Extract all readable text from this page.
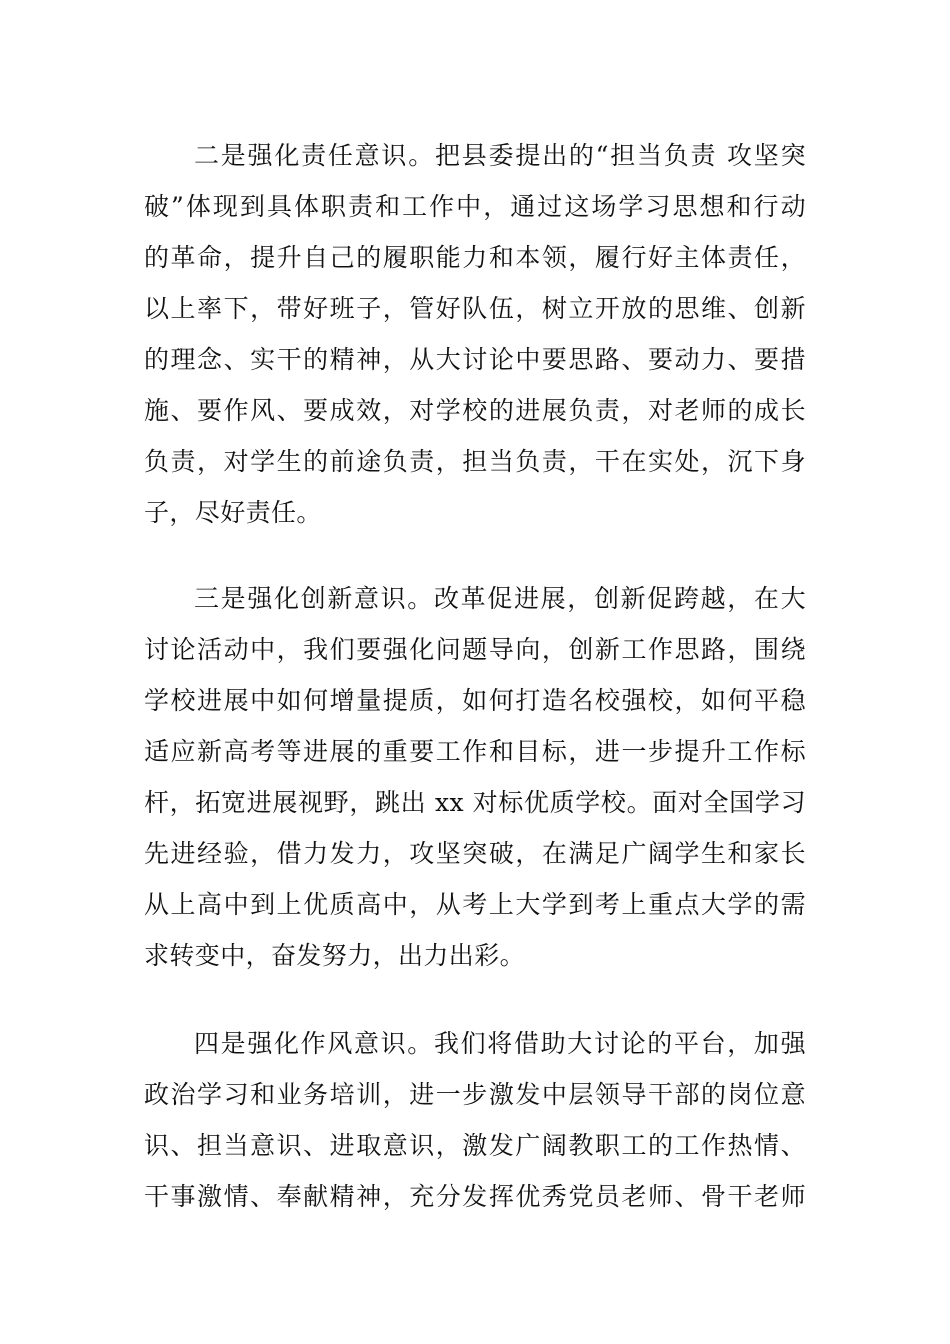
二是强化责任意识。把县委提出的“担当负责 攻坚突
破”体现到具体职责和工作中，通过这场学习思想和行动
的革命，提升自己的履职能力和本领，履行好主体责任，
以上率下，带好班子，管好队伍，树立开放的思维、创新
的理念、实干的精神，从大讨论中要思路、要动力、要措
施、要作风、要成效，对学校的进展负责，对老师的成长
负责，对学生的前途负责，担当负责，干在实处，沉下身
子，尽好责任。
三是强化创新意识。改革促进展，创新促跨越，在大
讨论活动中，我们要强化问题导向，创新工作思路，围绕
学校进展中如何增量提质，如何打造名校强校，如何平稳
适应新高考等进展的重要工作和目标，进一步提升工作标
杆，拓宽进展视野，跳出 xx 对标优质学校。面对全国学习
先进经验，借力发力，攻坚突破，在满足广阔学生和家长
从上高中到上优质高中，从考上大学到考上重点大学的需
求转变中，奋发努力，出力出彩。
四是强化作风意识。我们将借助大讨论的平台，加强
政治学习和业务培训，进一步激发中层领导干部的岗位意
识、担当意识、进取意识，激发广阔教职工的工作热情、
干事激情、奉献精神，充分发挥优秀党员老师、骨干老师
